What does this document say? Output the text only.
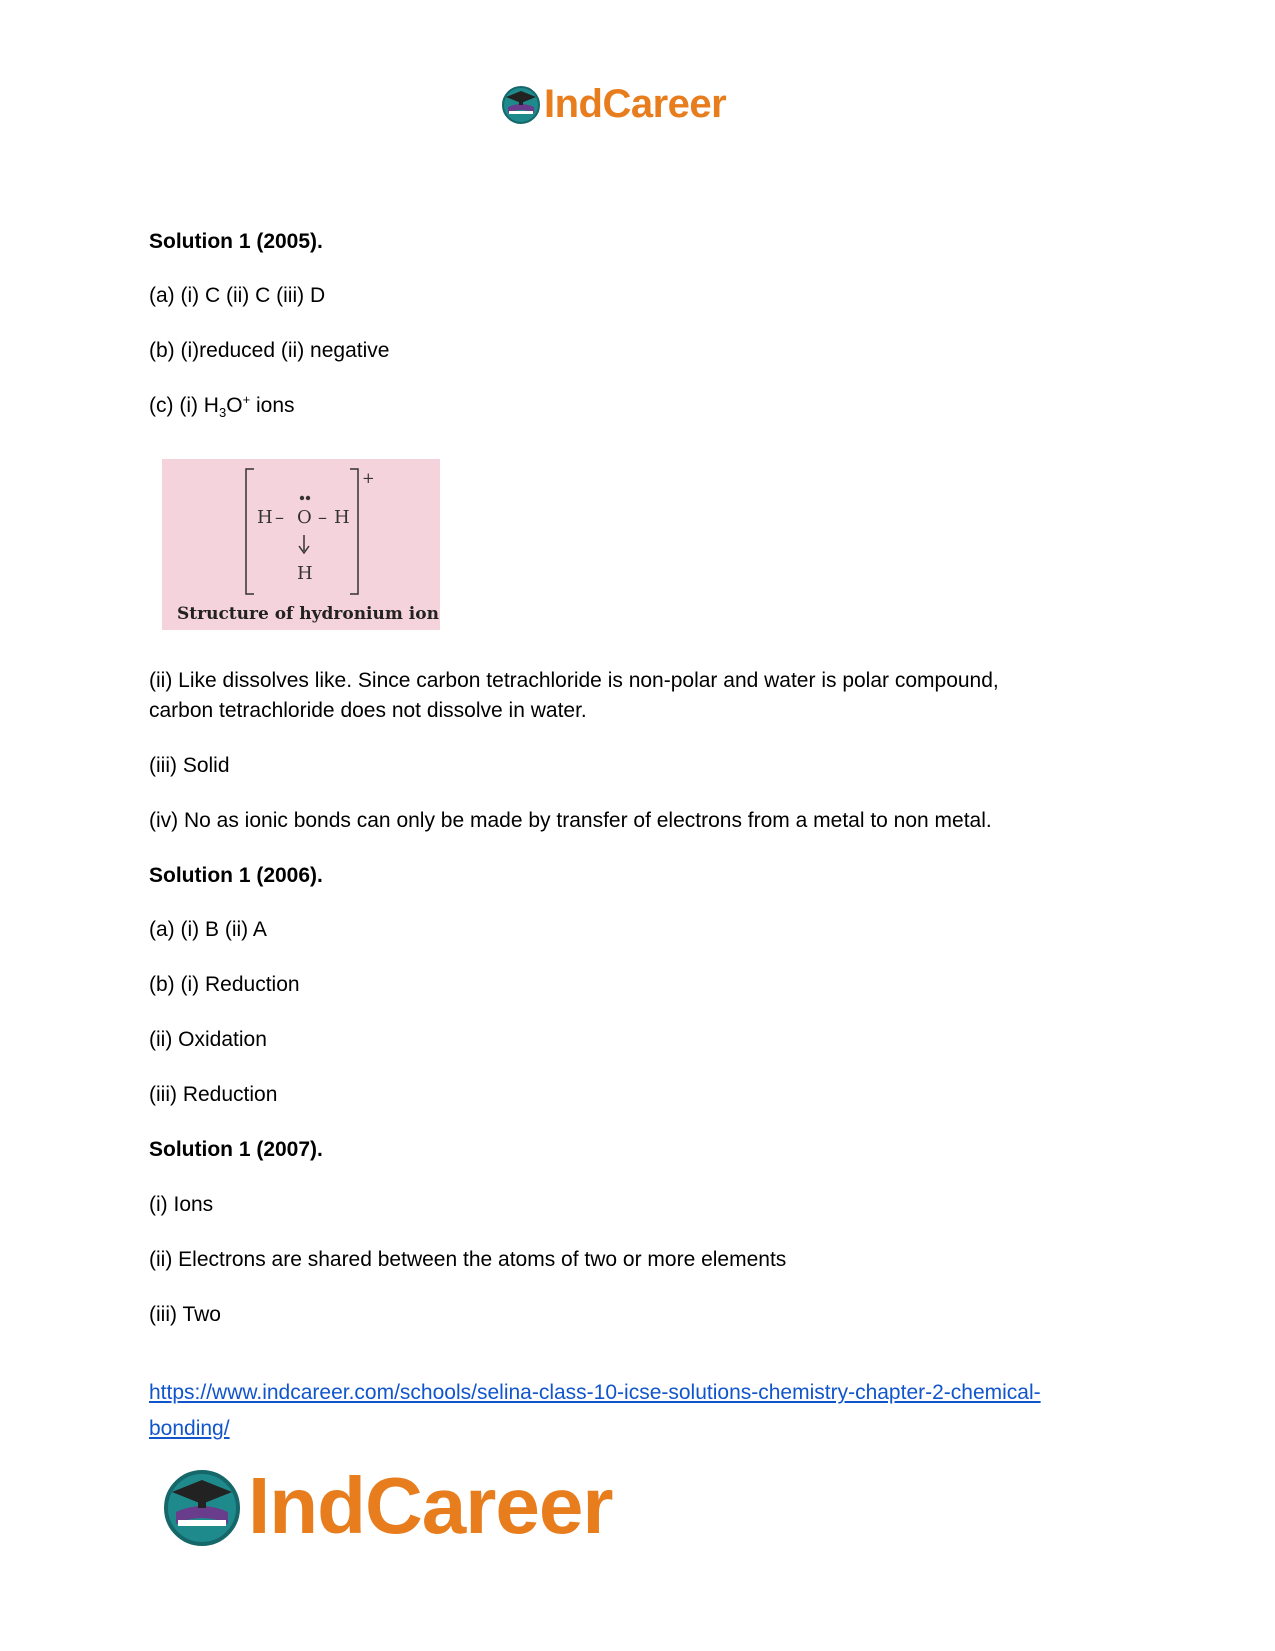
IndCareer
Solution 1 (2005).
(a) (i) C (ii) C (iii) D
(b) (i)reduced (ii) negative
(c) (i) $H_3O^+$ ions
+
H – O – H
H
Structure of hydronium ion
(ii) Like dissolves like. Since carbon tetrachloride is non-polar and water is polar compound,
carbon tetrachloride does not dissolve in water.
(iii) Solid
(iv) No as ionic bonds can only be made by transfer of electrons from a metal to non metal.
Solution 1 (2006).
(a) (i) B (ii) A
(b) (i) Reduction
(ii) Oxidation
(iii) Reduction
Solution 1 (2007).
(i) Ions
(ii) Electrons are shared between the atoms of two or more elements
(iii) Two
https://www.indcareer.com/schools/selina-class-10-icse-solutions-chemistry-chapter-2-chemical-
bonding/
IndCareer
